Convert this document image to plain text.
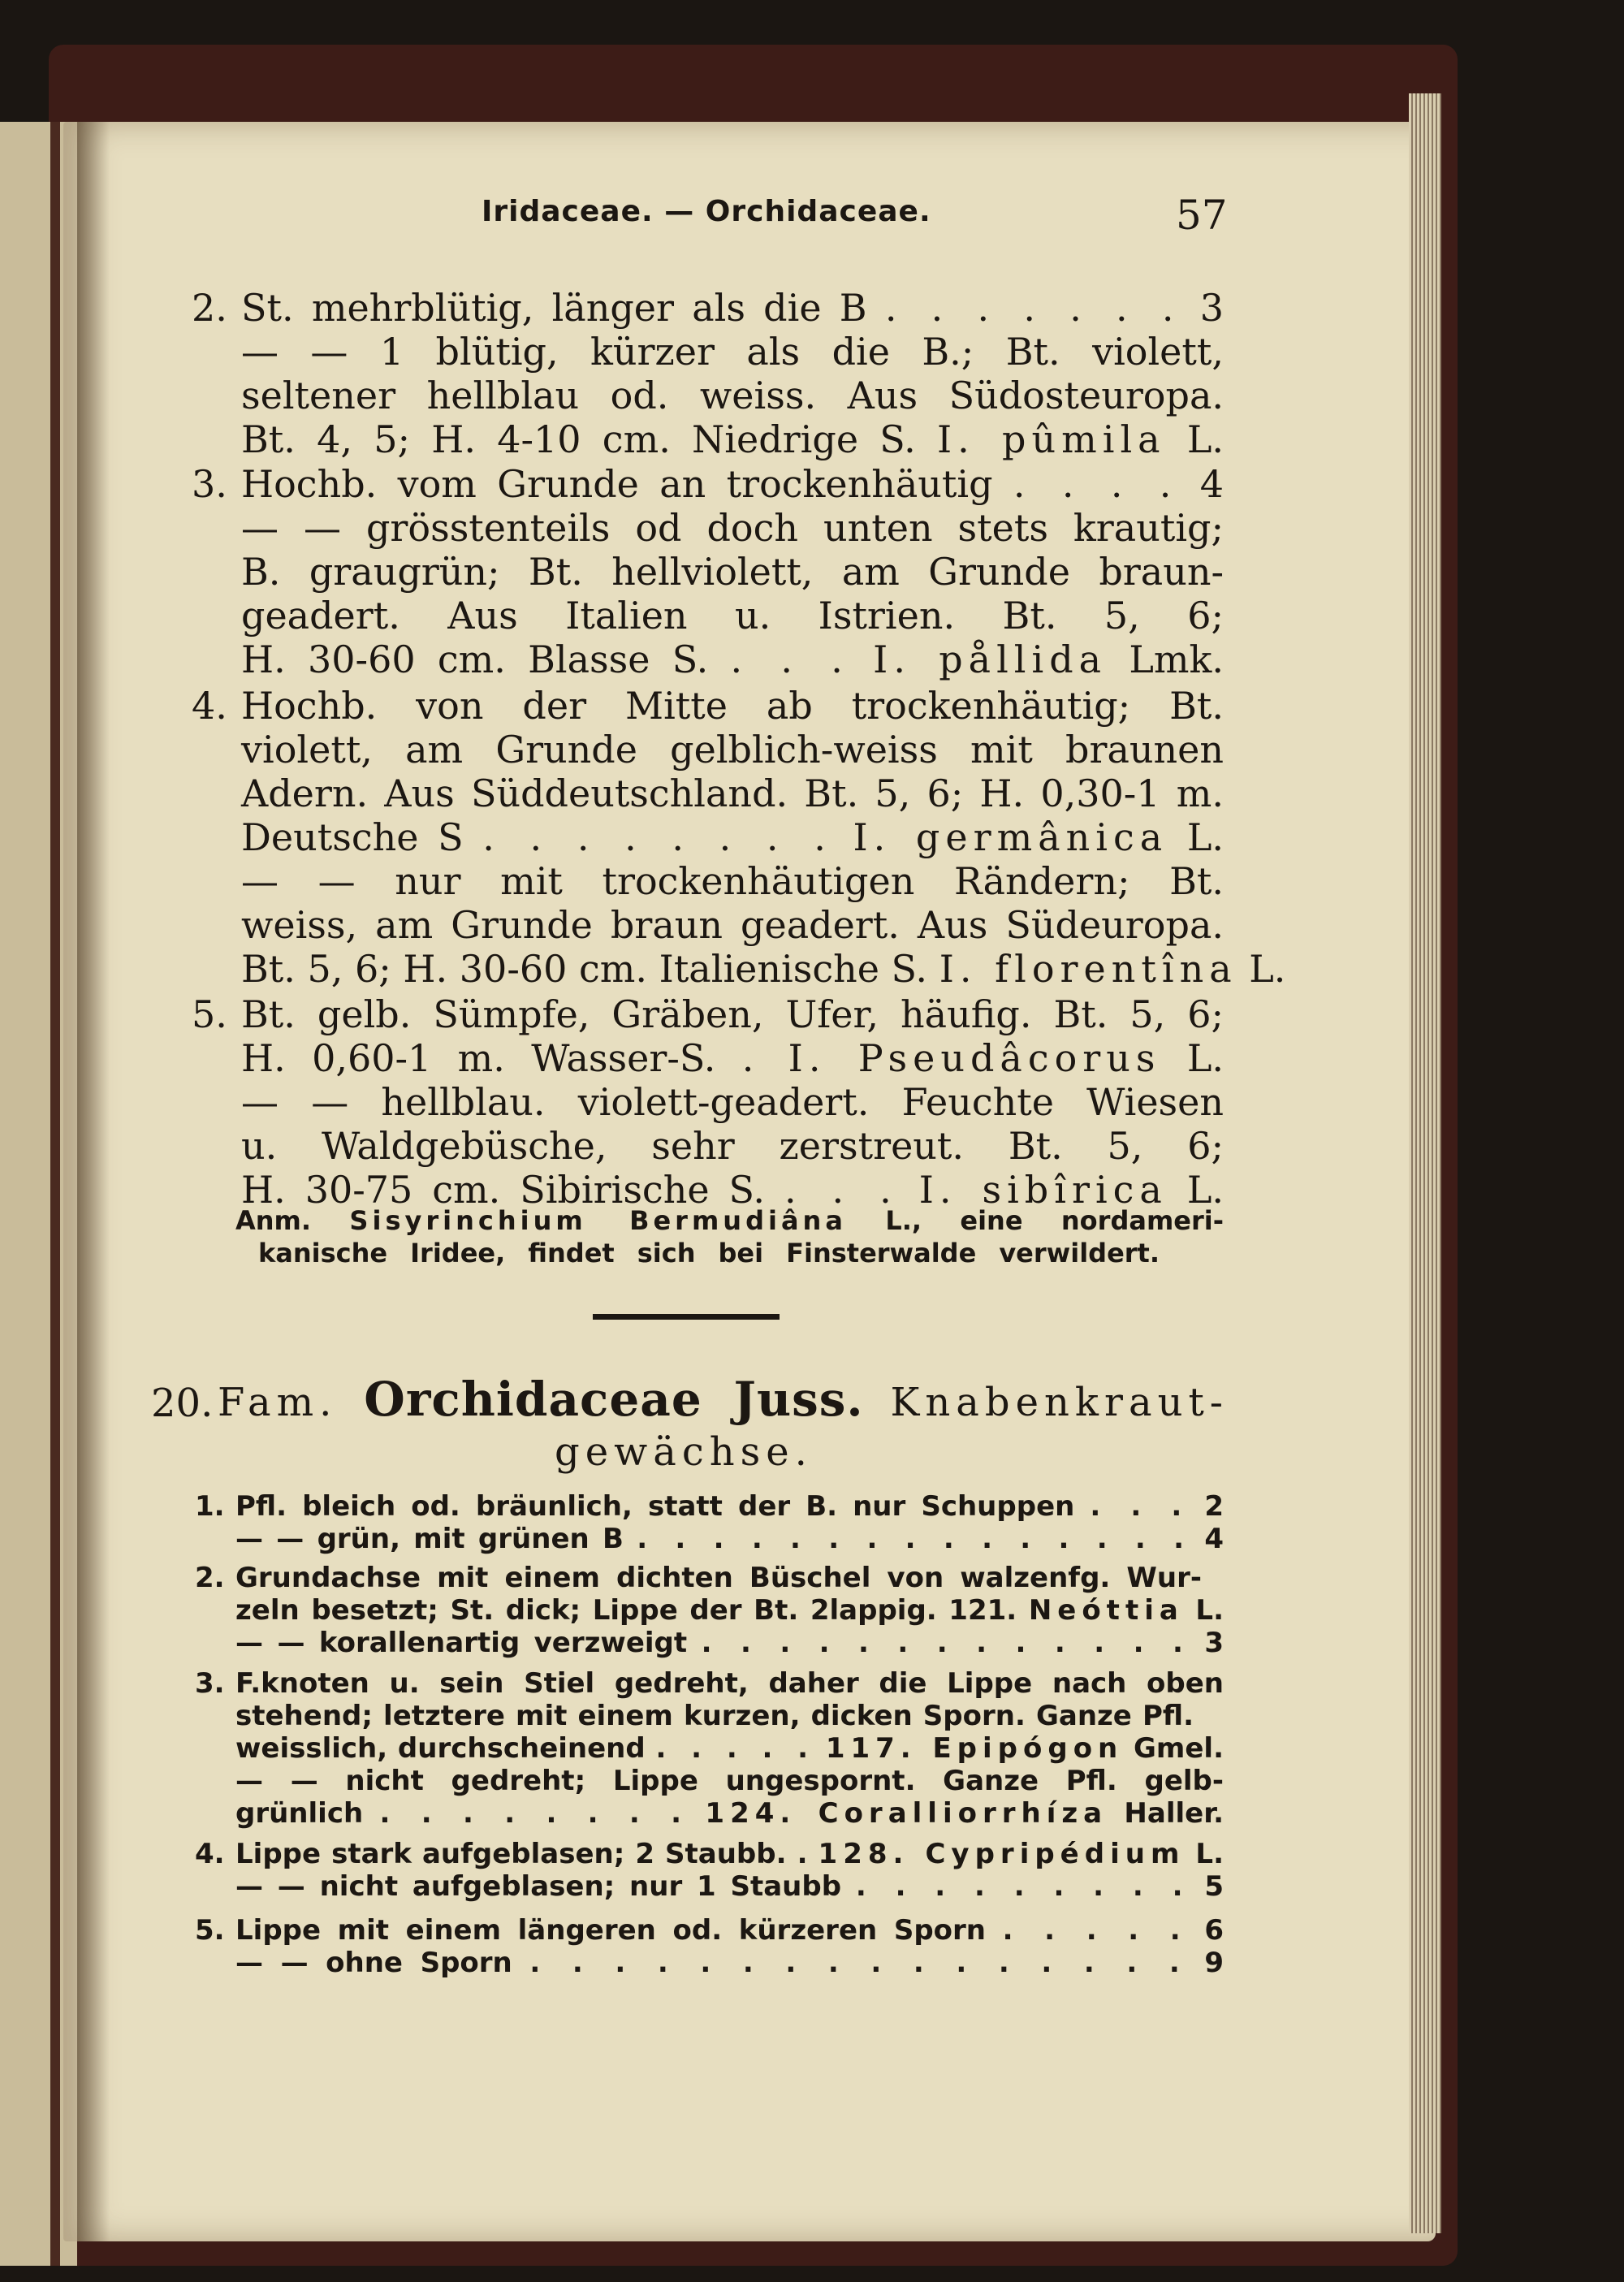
Iridaceae. — Orchidaceae.	57
2. St. mehrblütig, länger als die B . . . . . . . 3
— — 1 blütig, kürzer als die B.; Bt. violett,
seltener hellblau od. weiss. Aus Südosteuropa.
Bt. 4, 5; H. 4-10 cm. Niedrige S. I. pûmila L.
3. Hochb. vom Grunde an trockenhäutig . . . . 4
— — grösstenteils od doch unten stets krautig;
B. graugrün; Bt. hellviolett, am Grunde braun-
geadert. Aus Italien u. Istrien. Bt. 5, 6;
H. 30-60 cm. Blasse S. . . . I. pållida Lmk.
4. Hochb. von der Mitte ab trockenhäutig; Bt.
violett, am Grunde gelblich-weiss mit braunen
Adern. Aus Süddeutschland. Bt. 5, 6; H. 0,30-1 m.
Deutsche S . . . . . . . . I. germânica L.
— — nur mit trockenhäutigen Rändern; Bt.
weiss, am Grunde braun geadert. Aus Südeuropa.
Bt. 5, 6; H. 30-60 cm. Italienische S. I. florentîna L.
5. Bt. gelb. Sümpfe, Gräben, Ufer, häufig. Bt. 5, 6;
H. 0,60-1 m. Wasser-S. . I. Pseudâcorus L.
— — hellblau. violett-geadert. Feuchte Wiesen
u. Waldgebüsche, sehr zerstreut. Bt. 5, 6;
H. 30-75 cm. Sibirische S. . . . I. sibîrica L.
Anm. Sisyrinchium Bermudiâna L., eine nordameri-
kanische Iridee, findet sich bei Finsterwalde verwildert.
20. Fam. Orchidaceae Juss. Knabenkraut-
gewächse.
1. Pfl. bleich od. bräunlich, statt der B. nur Schuppen . . . 2
— — grün, mit grünen B . . . . . . . . . . . . . . . 4
2. Grundachse mit einem dichten Büschel von walzenfg. Wur-
zeln besetzt; St. dick; Lippe der Bt. 2lappig. 121. Neóttia L.
— — korallenartig verzweigt . . . . . . . . . . . . . 3
3. F.knoten u. sein Stiel gedreht, daher die Lippe nach oben
stehend; letztere mit einem kurzen, dicken Sporn. Ganze Pfl.
weisslich, durchscheinend . . . . . 117. Epipógon Gmel.
— — nicht gedreht; Lippe ungespornt. Ganze Pfl. gelb-
grünlich . . . . . . . . 124. Coralliorrhíza Haller.
4. Lippe stark aufgeblasen; 2 Staubb. . 128. Cypripédium L.
— — nicht aufgeblasen; nur 1 Staubb . . . . . . . . . 5
5. Lippe mit einem längeren od. kürzeren Sporn . . . . . 6
— — ohne Sporn . . . . . . . . . . . . . . . . 9
